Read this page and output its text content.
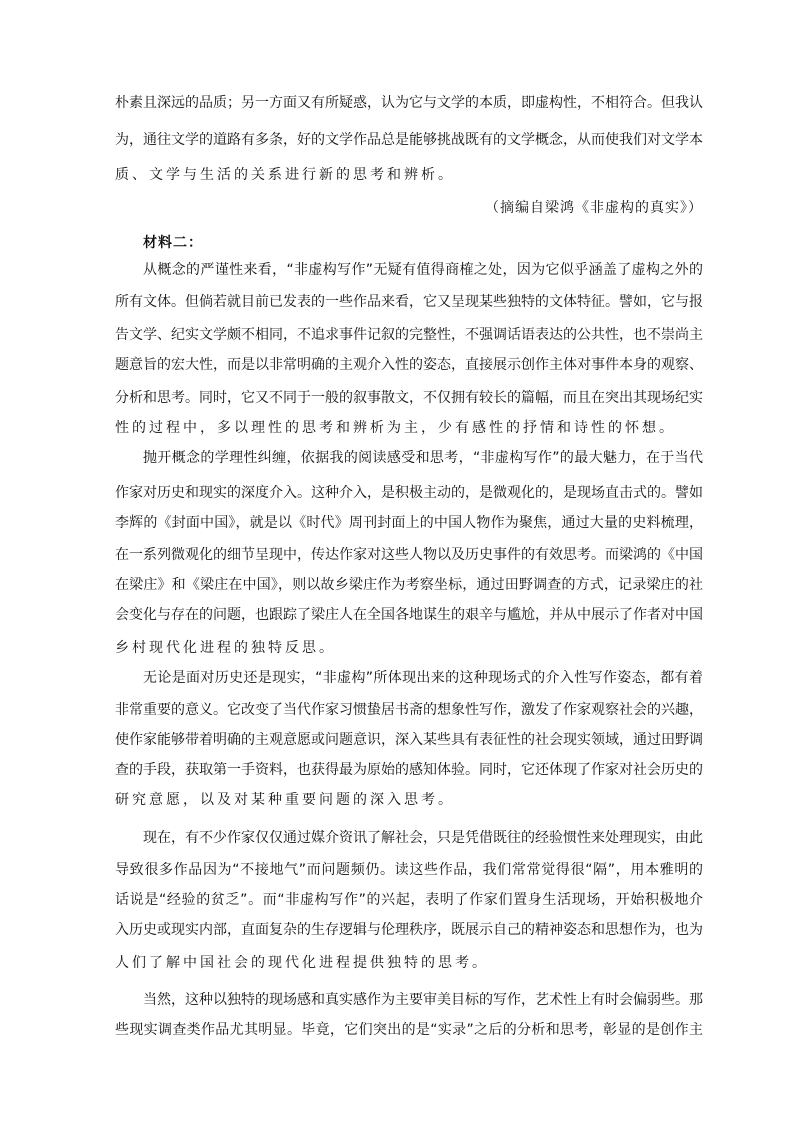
朴素且深远的品质；另一方面又有所疑惑，认为它与文学的本质，即虚构性，不相符合。但我认
为，通往文学的道路有多条，好的文学作品总是能够挑战既有的文学概念，从而使我们对文学本
质、文学与生活的关系进行新的思考和辨析。
（摘编自梁鸿《非虚构的真实》）
材料二：
从概念的严谨性来看，“非虚构写作”无疑有值得商榷之处，因为它似乎涵盖了虚构之外的
所有文体。但倘若就目前已发表的一些作品来看，它又呈现某些独特的文体特征。譬如，它与报
告文学、纪实文学颇不相同，不追求事件记叙的完整性，不强调话语表达的公共性，也不崇尚主
题意旨的宏大性，而是以非常明确的主观介入性的姿态，直接展示创作主体对事件本身的观察、
分析和思考。同时，它又不同于一般的叙事散文，不仅拥有较长的篇幅，而且在突出其现场纪实
性的过程中，多以理性的思考和辨析为主，少有感性的抒情和诗性的怀想。
抛开概念的学理性纠缠，依据我的阅读感受和思考，“非虚构写作”的最大魅力，在于当代
作家对历史和现实的深度介入。这种介入，是积极主动的，是微观化的，是现场直击式的。譬如
李辉的《封面中国》，就是以《时代》周刊封面上的中国人物作为聚焦，通过大量的史料梳理，
在一系列微观化的细节呈现中，传达作家对这些人物以及历史事件的有效思考。而梁鸿的《中国
在梁庄》和《梁庄在中国》，则以故乡梁庄作为考察坐标，通过田野调查的方式，记录梁庄的社
会变化与存在的问题，也跟踪了梁庄人在全国各地谋生的艰辛与尴尬，并从中展示了作者对中国
乡村现代化进程的独特反思。
无论是面对历史还是现实，“非虚构”所体现出来的这种现场式的介入性写作姿态，都有着
非常重要的意义。它改变了当代作家习惯蛰居书斋的想象性写作，激发了作家观察社会的兴趣，
使作家能够带着明确的主观意愿或问题意识，深入某些具有表征性的社会现实领域，通过田野调
查的手段，获取第一手资料，也获得最为原始的感知体验。同时，它还体现了作家对社会历史的
研究意愿，以及对某种重要问题的深入思考。
现在，有不少作家仅仅通过媒介资讯了解社会，只是凭借既往的经验惯性来处理现实，由此
导致很多作品因为“不接地气”而问题频仍。读这些作品，我们常常觉得很“隔”，用本雅明的
话说是“经验的贫乏”。而“非虚构写作”的兴起，表明了作家们置身生活现场，开始积极地介
入历史或现实内部，直面复杂的生存逻辑与伦理秩序，既展示自己的精神姿态和思想作为，也为
人们了解中国社会的现代化进程提供独特的思考。
当然，这种以独特的现场感和真实感作为主要审美目标的写作，艺术性上有时会偏弱些。那
些现实调查类作品尤其明显。毕竟，它们突出的是“实录”之后的分析和思考，彰显的是创作主
